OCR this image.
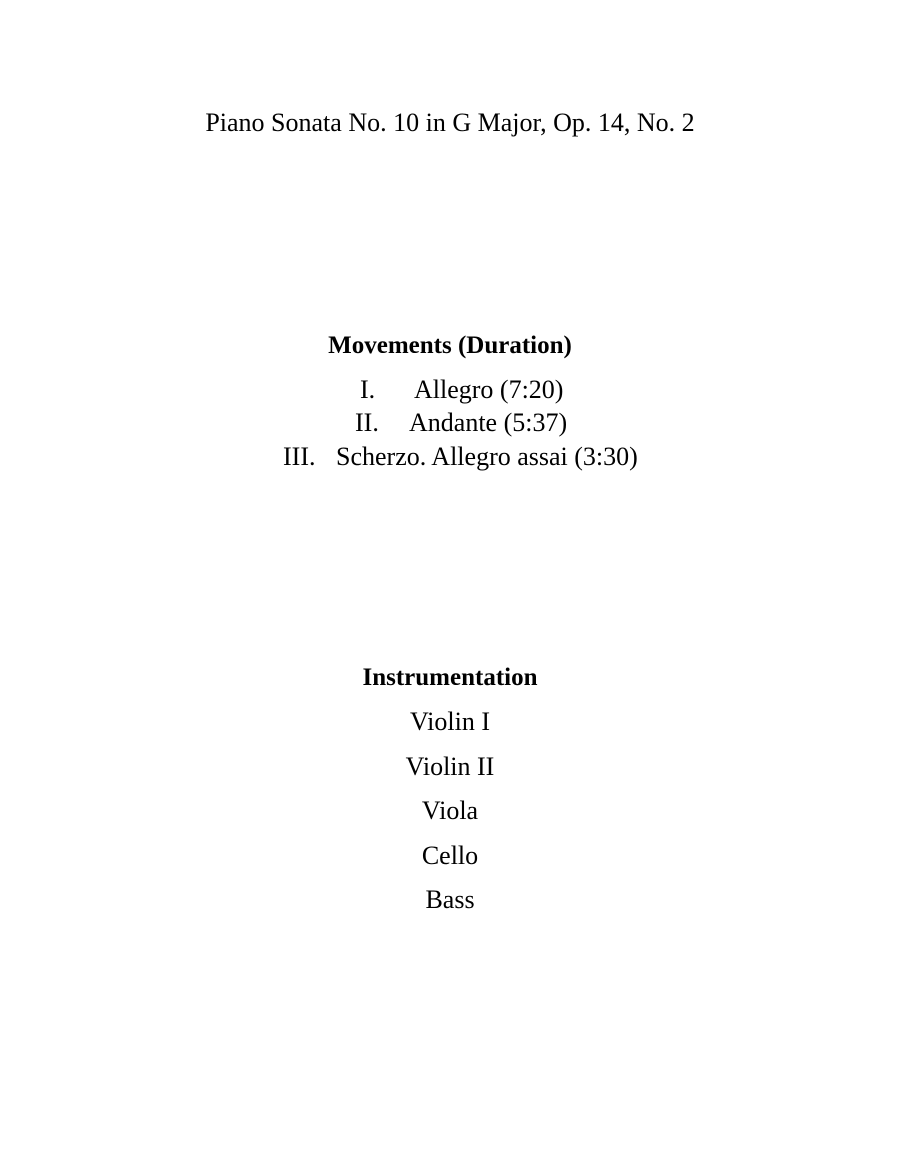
Piano Sonata No. 10 in G Major, Op. 14, No. 2
Movements (Duration)
I. Allegro (7:20)
II. Andante (5:37)
III. Scherzo. Allegro assai (3:30)
Instrumentation
Violin I
Violin II
Viola
Cello
Bass
